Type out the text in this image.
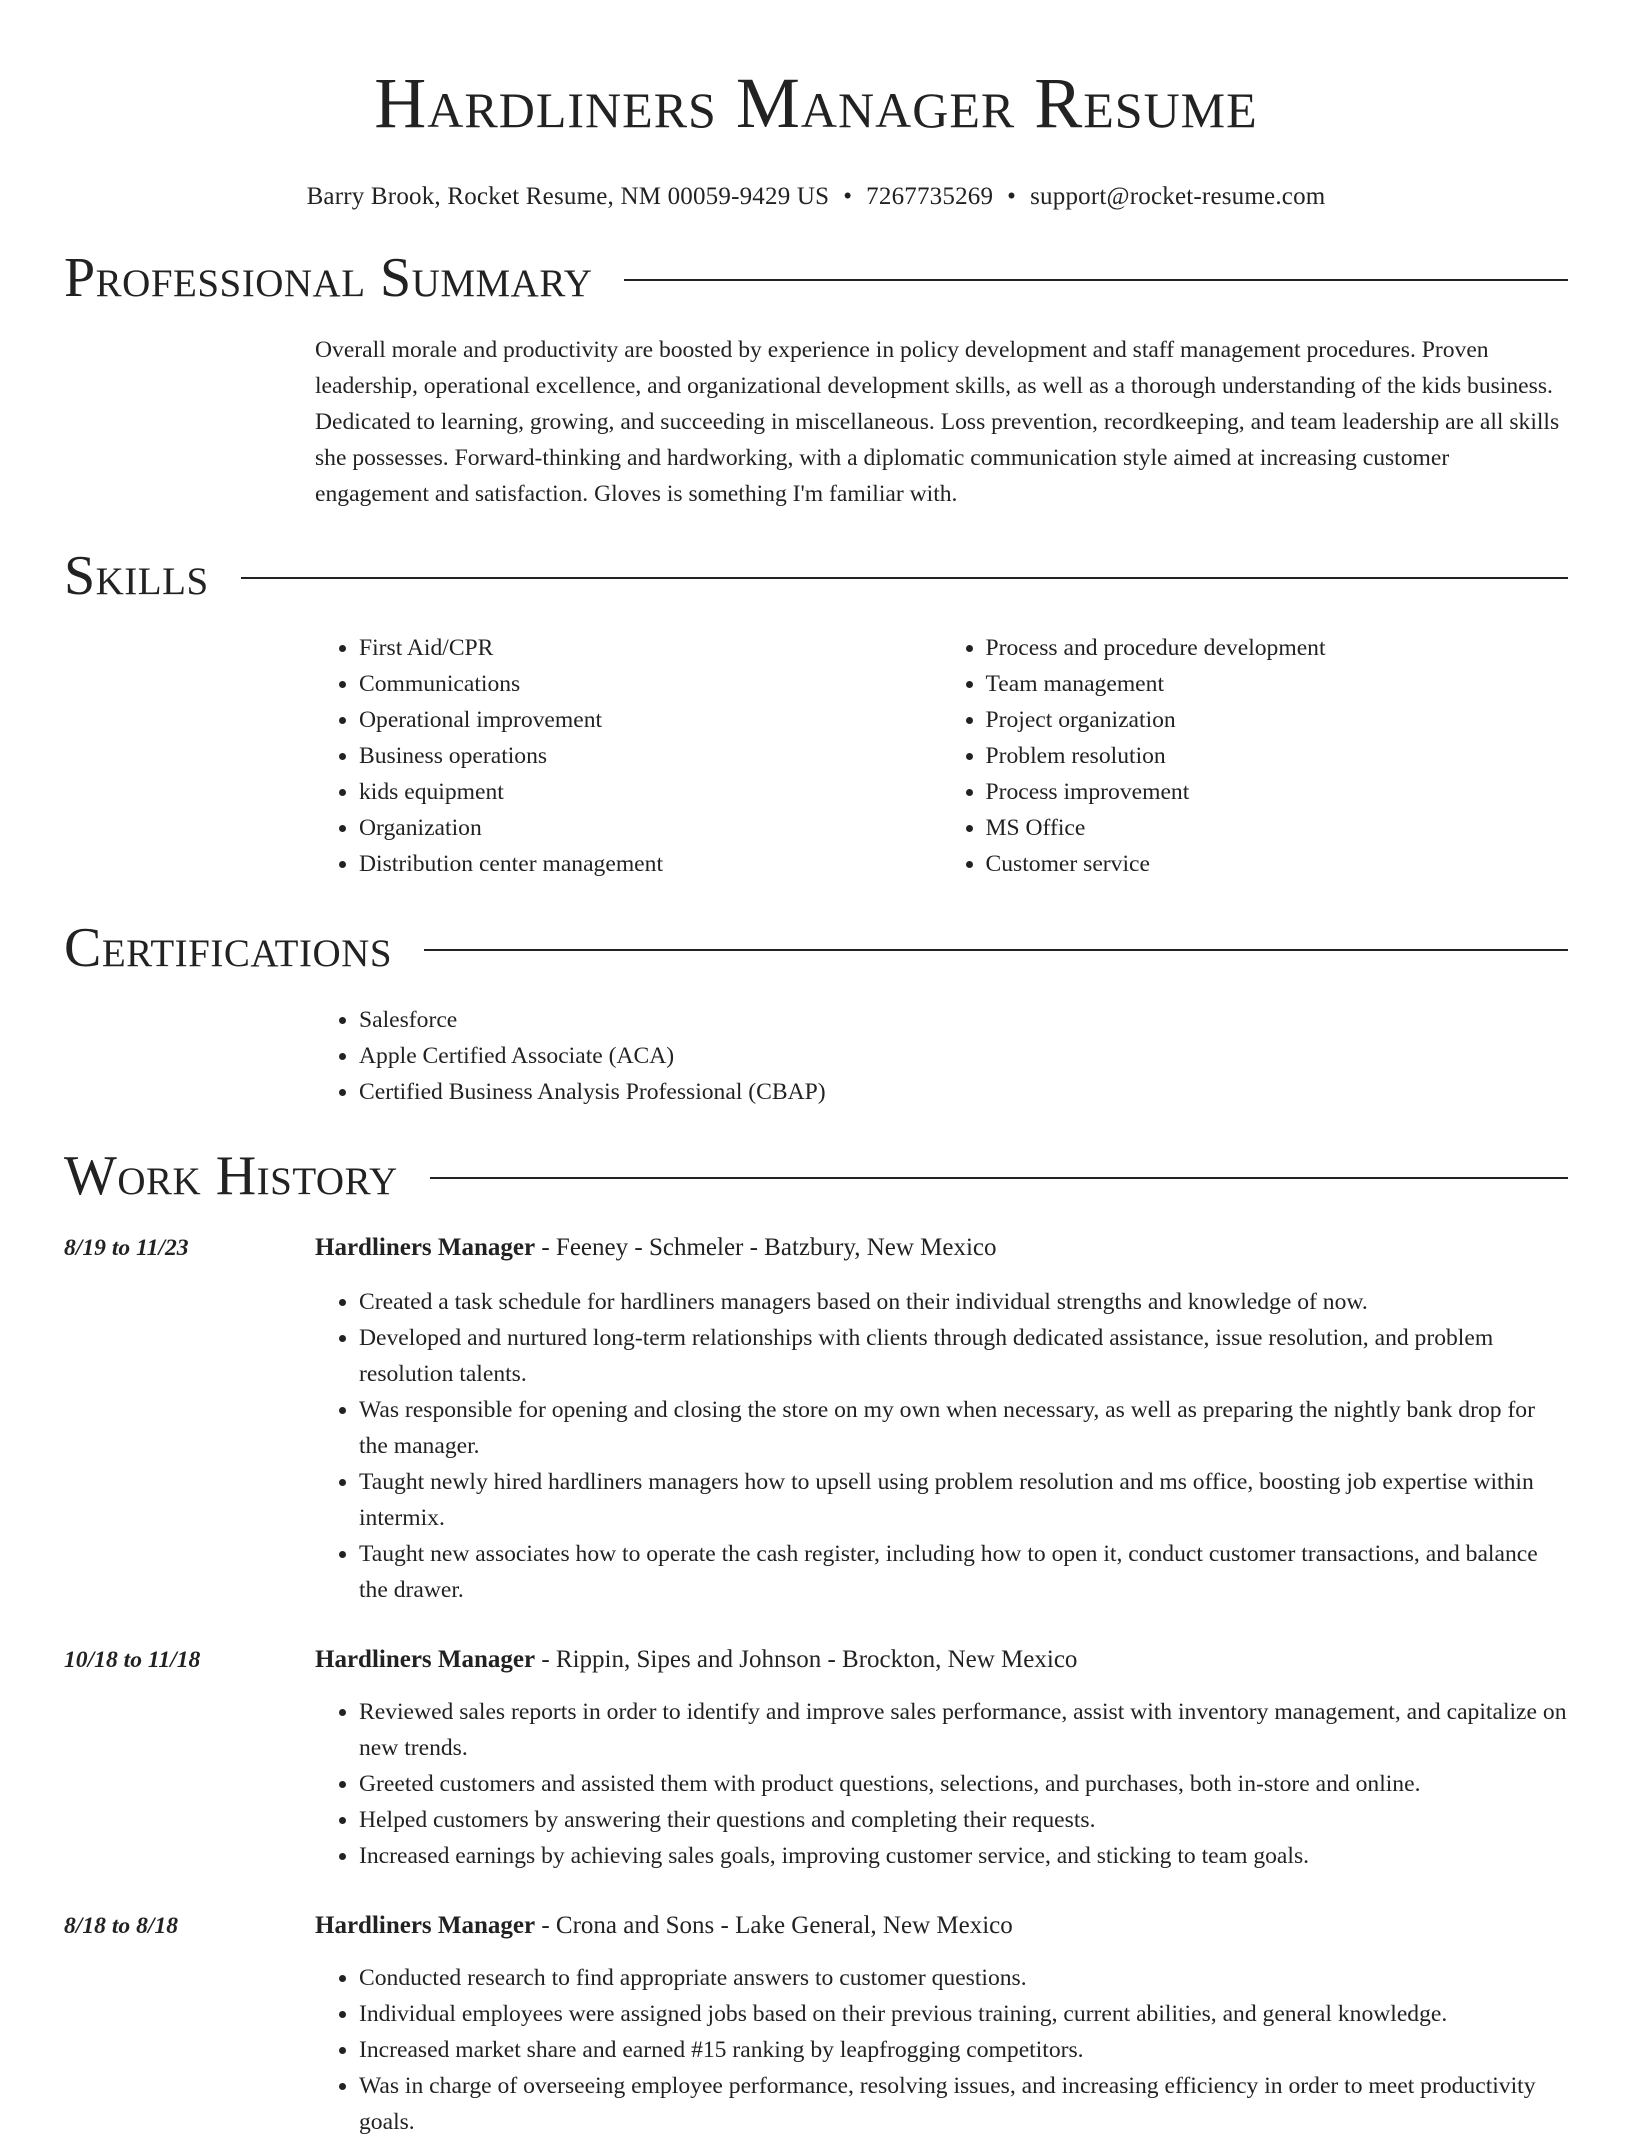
Hardliners Manager Resume
Barry Brook, Rocket Resume, NM 00059-9429 US • 7267735269 • support@rocket-resume.com
Professional Summary

Overall morale and productivity are boosted by experience in policy development and staff management procedures. Proven leadership, operational excellence, and organizational development skills, as well as a thorough understanding of the kids business. Dedicated to learning, growing, and succeeding in miscellaneous. Loss prevention, recordkeeping, and team leadership are all skills she possesses. Forward-thinking and hardworking, with a diplomatic communication style aimed at increasing customer engagement and satisfaction. Gloves is something I'm familiar with.

Skills
• First Aid/CPR
• Communications
• Operational improvement
• Business operations
• kids equipment
• Organization
• Distribution center management
• Process and procedure development
• Team management
• Project organization
• Problem resolution
• Process improvement
• MS Office
• Customer service
Certifications
• Salesforce
• Apple Certified Associate (ACA)
• Certified Business Analysis Professional (CBAP)
Work History
8/19 to 11/23	Hardliners Manager - Feeney - Schmeler - Batzbury, New Mexico
• Created a task schedule for hardliners managers based on their individual strengths and knowledge of now.
• Developed and nurtured long-term relationships with clients through dedicated assistance, issue resolution, and problem resolution talents.
• Was responsible for opening and closing the store on my own when necessary, as well as preparing the nightly bank drop for the manager.
• Taught newly hired hardliners managers how to upsell using problem resolution and ms office, boosting job expertise within intermix.
• Taught new associates how to operate the cash register, including how to open it, conduct customer transactions, and balance the drawer.
10/18 to 11/18	Hardliners Manager - Rippin, Sipes and Johnson - Brockton, New Mexico
• Reviewed sales reports in order to identify and improve sales performance, assist with inventory management, and capitalize on new trends.
• Greeted customers and assisted them with product questions, selections, and purchases, both in-store and online.
• Helped customers by answering their questions and completing their requests.
• Increased earnings by achieving sales goals, improving customer service, and sticking to team goals.
8/18 to 8/18	Hardliners Manager - Crona and Sons - Lake General, New Mexico
• Conducted research to find appropriate answers to customer questions.
• Individual employees were assigned jobs based on their previous training, current abilities, and general knowledge.
• Increased market share and earned #15 ranking by leapfrogging competitors.
• Was in charge of overseeing employee performance, resolving issues, and increasing efficiency in order to meet productivity goals.
